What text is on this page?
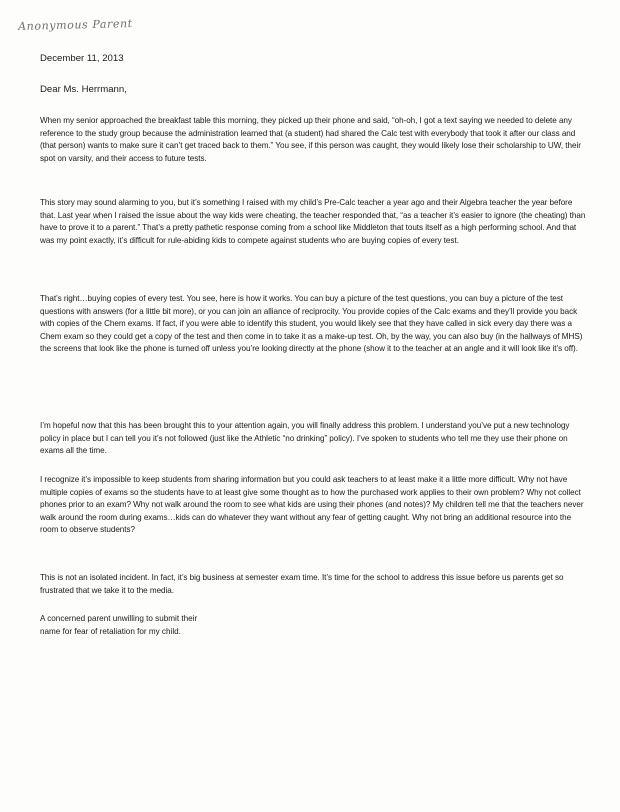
Anonymous Parent
December 11, 2013
Dear Ms. Herrmann,
When my senior approached the breakfast table this morning, they picked up their phone and said, “oh-oh, I got a text saying we needed to delete any reference to the study group because the administration learned that (a student) had shared the Calc test with everybody that took it after our class and (that person) wants to make sure it can’t get traced back to them.” You see, if this person was caught, they would likely lose their scholarship to UW, their spot on varsity, and their access to future tests.
This story may sound alarming to you, but it’s something I raised with my child’s Pre-Calc teacher a year ago and their Algebra teacher the year before that. Last year when I raised the issue about the way kids were cheating, the teacher responded that, “as a teacher it’s easier to ignore (the cheating) than have to prove it to a parent.” That’s a pretty pathetic response coming from a school like Middleton that touts itself as a high performing school. And that was my point exactly, it’s difficult for rule-abiding kids to compete against students who are buying copies of every test.
That’s right…buying copies of every test. You see, here is how it works. You can buy a picture of the test questions, you can buy a picture of the test questions with answers (for a little bit more), or you can join an alliance of reciprocity. You provide copies of the Calc exams and they’ll provide you back with copies of the Chem exams. If fact, if you were able to identify this student, you would likely see that they have called in sick every day there was a Chem exam so they could get a copy of the test and then come in to take it as a make-up test. Oh, by the way, you can also buy (in the hallways of MHS) the screens that look like the phone is turned off unless you’re looking directly at the phone (show it to the teacher at an angle and it will look like it’s off).
I’m hopeful now that this has been brought this to your attention again, you will finally address this problem. I understand you’ve put a new technology policy in place but I can tell you it’s not followed (just like the Athletic “no drinking” policy). I’ve spoken to students who tell me they use their phone on exams all the time.
I recognize it’s impossible to keep students from sharing information but you could ask teachers to at least make it a little more difficult. Why not have multiple copies of exams so the students have to at least give some thought as to how the purchased work applies to their own problem? Why not collect phones prior to an exam? Why not walk around the room to see what kids are using their phones (and notes)? My children tell me that the teachers never walk around the room during exams…kids can do whatever they want without any fear of getting caught. Why not bring an additional resource into the room to observe students?
This is not an isolated incident. In fact, it’s big business at semester exam time. It’s time for the school to address this issue before us parents get so frustrated that we take it to the media.
A concerned parent unwilling to submit their name for fear of retaliation for my child.
